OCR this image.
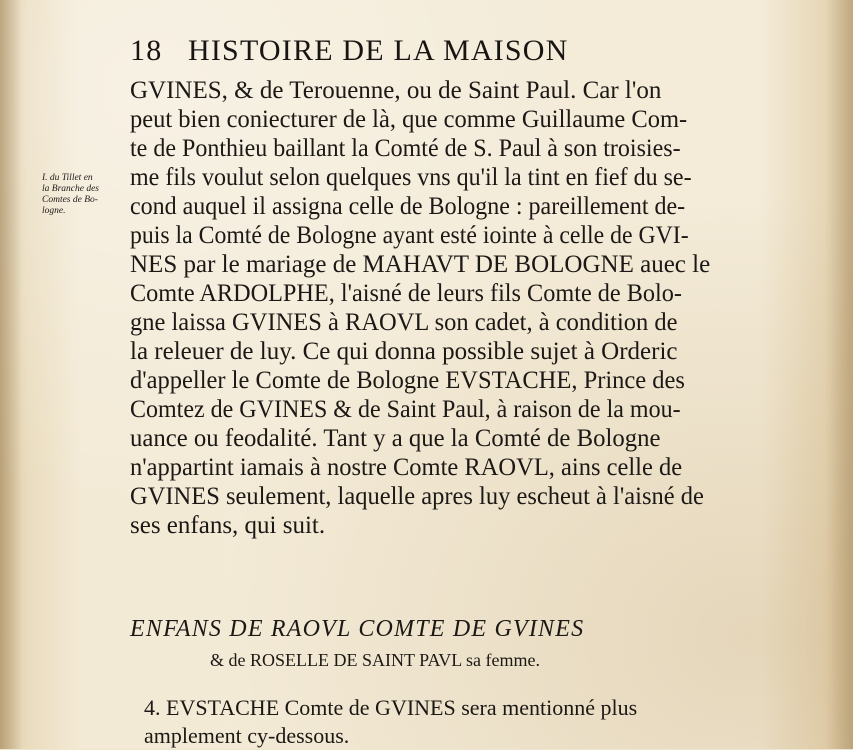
18 HISTOIRE DE LA MAISON
I. du Tillet en
la Branche des
Comtes de Bo-
logne.
GVINES, & de Terouenne, ou de Saint Paul. Car l'on
peut bien coniecturer de là, que comme Guillaume Com-
te de Ponthieu baillant la Comté de S. Paul à son troisies-
me fils voulut selon quelques vns qu'il la tint en fief du se-
cond auquel il assigna celle de Bologne : pareillement de-
puis la Comté de Bologne ayant esté iointe à celle de GVI-
NES par le mariage de MAHAVT DE BOLOGNE auec le
Comte ARDOLPHE, l'aisné de leurs fils Comte de Bolo-
gne laissa GVINES à RAOVL son cadet, à condition de
la releuer de luy. Ce qui donna possible sujet à Orderic
d'appeller le Comte de Bologne EVSTACHE, Prince des
Comtez de GVINES & de Saint Paul, à raison de la mou-
uance ou feodalité. Tant y a que la Comté de Bologne
n'appartint iamais à nostre Comte RAOVL, ains celle de
GVINES seulement, laquelle apres luy escheut à l'aisné de
ses enfans, qui suit.
ENFANS DE RAOVL COMTE DE GVINES
& de ROSELLE DE SAINT PAVL sa femme.
4. EVSTACHE Comte de GVINES sera mentionné plus
amplement cy-dessous.
